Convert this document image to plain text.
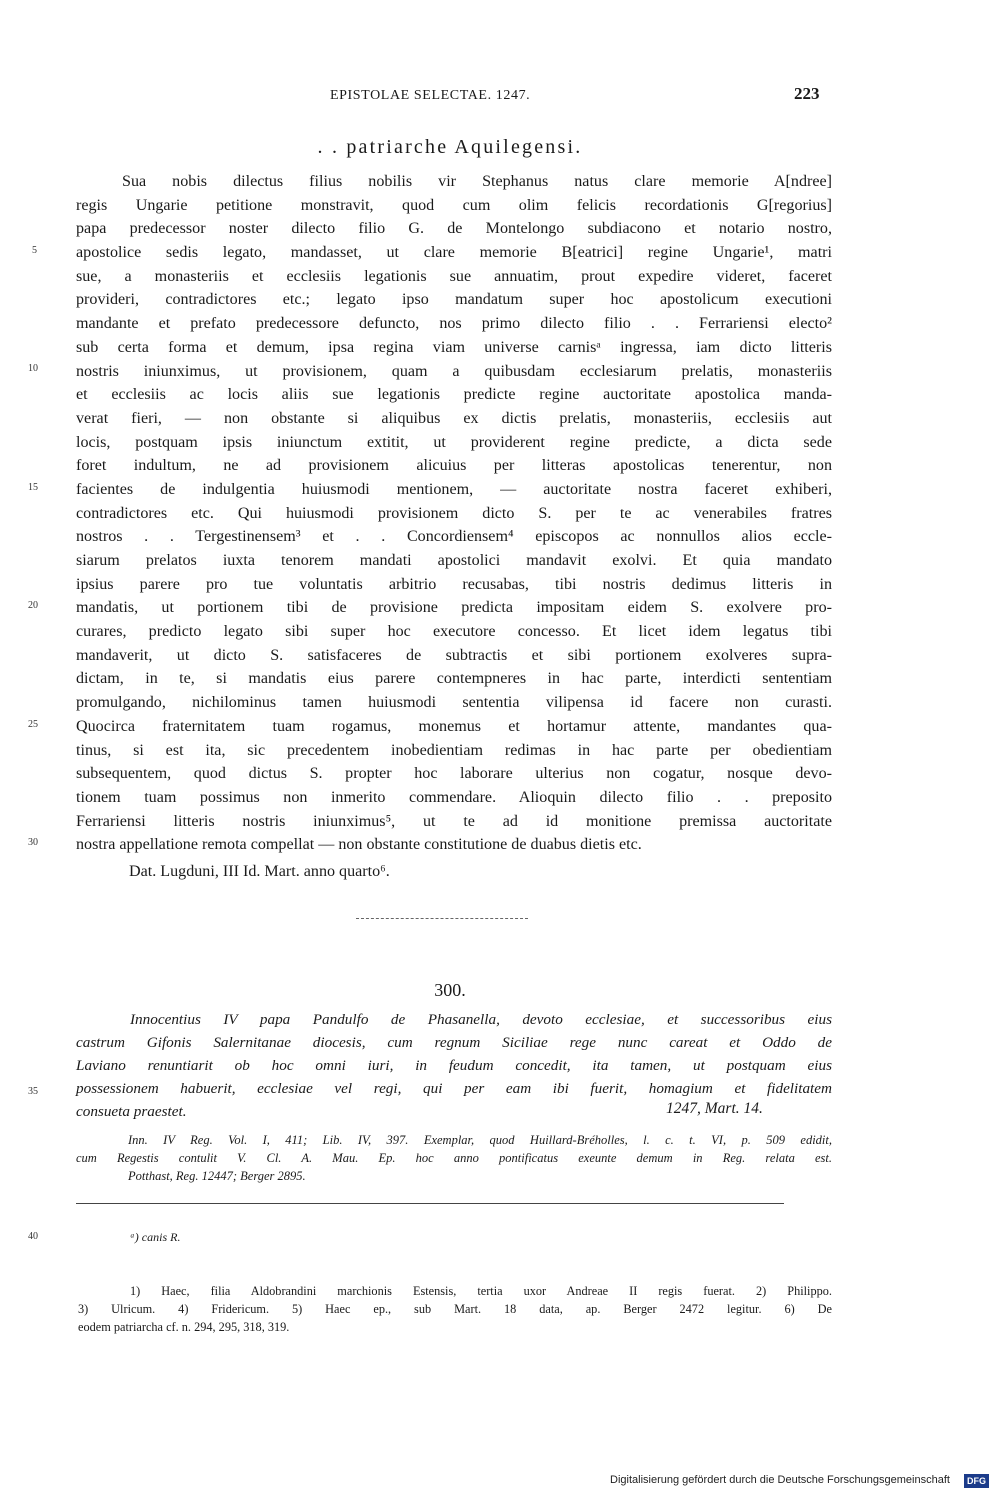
EPISTOLAE SELECTAE. 1247.	223
. . patriarche Aquilegensi.
Sua nobis dilectus filius nobilis vir Stephanus natus clare memorie A[ndree]
regis Ungarie petitione monstravit, quod cum olim felicis recordationis G[regorius]
papa predecessor noster dilecto filio G. de Montelongo subdiacono et notario nostro,
apostolice sedis legato, mandasset, ut clare memorie B[eatrici] regine Ungarie¹, matri
sue, a monasteriis et ecclesiis legationis sue annuatim, prout expedire videret, faceret
provideri, contradictores etc.; legato ipso mandatum super hoc apostolicum executioni
mandante et prefato predecessore defuncto, nos primo dilecto filio . . Ferrariensi electo²
sub certa forma et demum, ipsa regina viam universe carnisᵃ ingressa, iam dicto litteris
nostris iniunximus, ut provisionem, quam a quibusdam ecclesiarum prelatis, monasteriis
et ecclesiis ac locis aliis sue legationis predicte regine auctoritate apostolica manda-
verat fieri, — non obstante si aliquibus ex dictis prelatis, monasteriis, ecclesiis aut
locis, postquam ipsis iniunctum extitit, ut providerent regine predicte, a dicta sede
foret indultum, ne ad provisionem alicuius per litteras apostolicas tenerentur, non
facientes de indulgentia huiusmodi mentionem, — auctoritate nostra faceret exhiberi,
contradictores etc. Qui huiusmodi provisionem dicto S. per te ac venerabiles fratres
nostros . . Tergestinensem³ et . . Concordiensem⁴ episcopos ac nonnullos alios eccle-
siarum prelatos iuxta tenorem mandati apostolici mandavit exolvi. Et quia mandato
ipsius parere pro tue voluntatis arbitrio recusabas, tibi nostris dedimus litteris in
mandatis, ut portionem tibi de provisione predicta impositam eidem S. exolvere pro-
curares, predicto legato sibi super hoc executore concesso. Et licet idem legatus tibi
mandaverit, ut dicto S. satisfaceres de subtractis et sibi portionem exolveres supra-
dictam, in te, si mandatis eius parere contempneres in hac parte, interdicti sententiam
promulgando, nichilominus tamen huiusmodi sententia vilipensa id facere non curasti.
Quocirca fraternitatem tuam rogamus, monemus et hortamur attente, mandantes qua-
tinus, si est ita, sic precedentem inobedientiam redimas in hac parte per obedientiam
subsequentem, quod dictus S. propter hoc laborare ulterius non cogatur, nosque devo-
tionem tuam possimus non inmerito commendare. Alioquin dilecto filio . . preposito
Ferrariensi litteris nostris iniunximus⁵, ut te ad id monitione premissa auctoritate
nostra appellatione remota compellat — non obstante constitutione de duabus dietis etc.
Dat. Lugduni, III Id. Mart. anno quarto⁶.
5
10
15
20
25
30
35
40
300.
Innocentius IV papa Pandulfo de Phasanella, devoto ecclesiae, et successoribus eius
castrum Gifonis Salernitanae diocesis, cum regnum Siciliae rege nunc careat et Oddo de
Laviano renuntiarit ob hoc omni iuri, in feudum concedit, ita tamen, ut postquam eius
possessionem habuerit, ecclesiae vel regi, qui per eam ibi fuerit, homagium et fidelitatem
consueta praestet.	1247, Mart. 14.
Inn. IV Reg. Vol. I, 411; Lib. IV, 397. Exemplar, quod Huillard-Bréholles, l. c. t. VI, p. 509 edidit,
cum Regestis contulit V. Cl. A. Mau. Ep. hoc anno pontificatus exeunte demum in Reg. relata est.
Potthast, Reg. 12447; Berger 2895.
ᵃ) canis R.
1) Haec, filia Aldobrandini marchionis Estensis, tertia uxor Andreae II regis fuerat. 2) Philippo.
3) Ulricum. 4) Fridericum. 5) Haec ep., sub Mart. 18 data, ap. Berger 2472 legitur. 6) De
eodem patriarcha cf. n. 294, 295, 318, 319.
Digitalisierung gefördert durch die Deutsche Forschungsgemeinschaft	DFG
